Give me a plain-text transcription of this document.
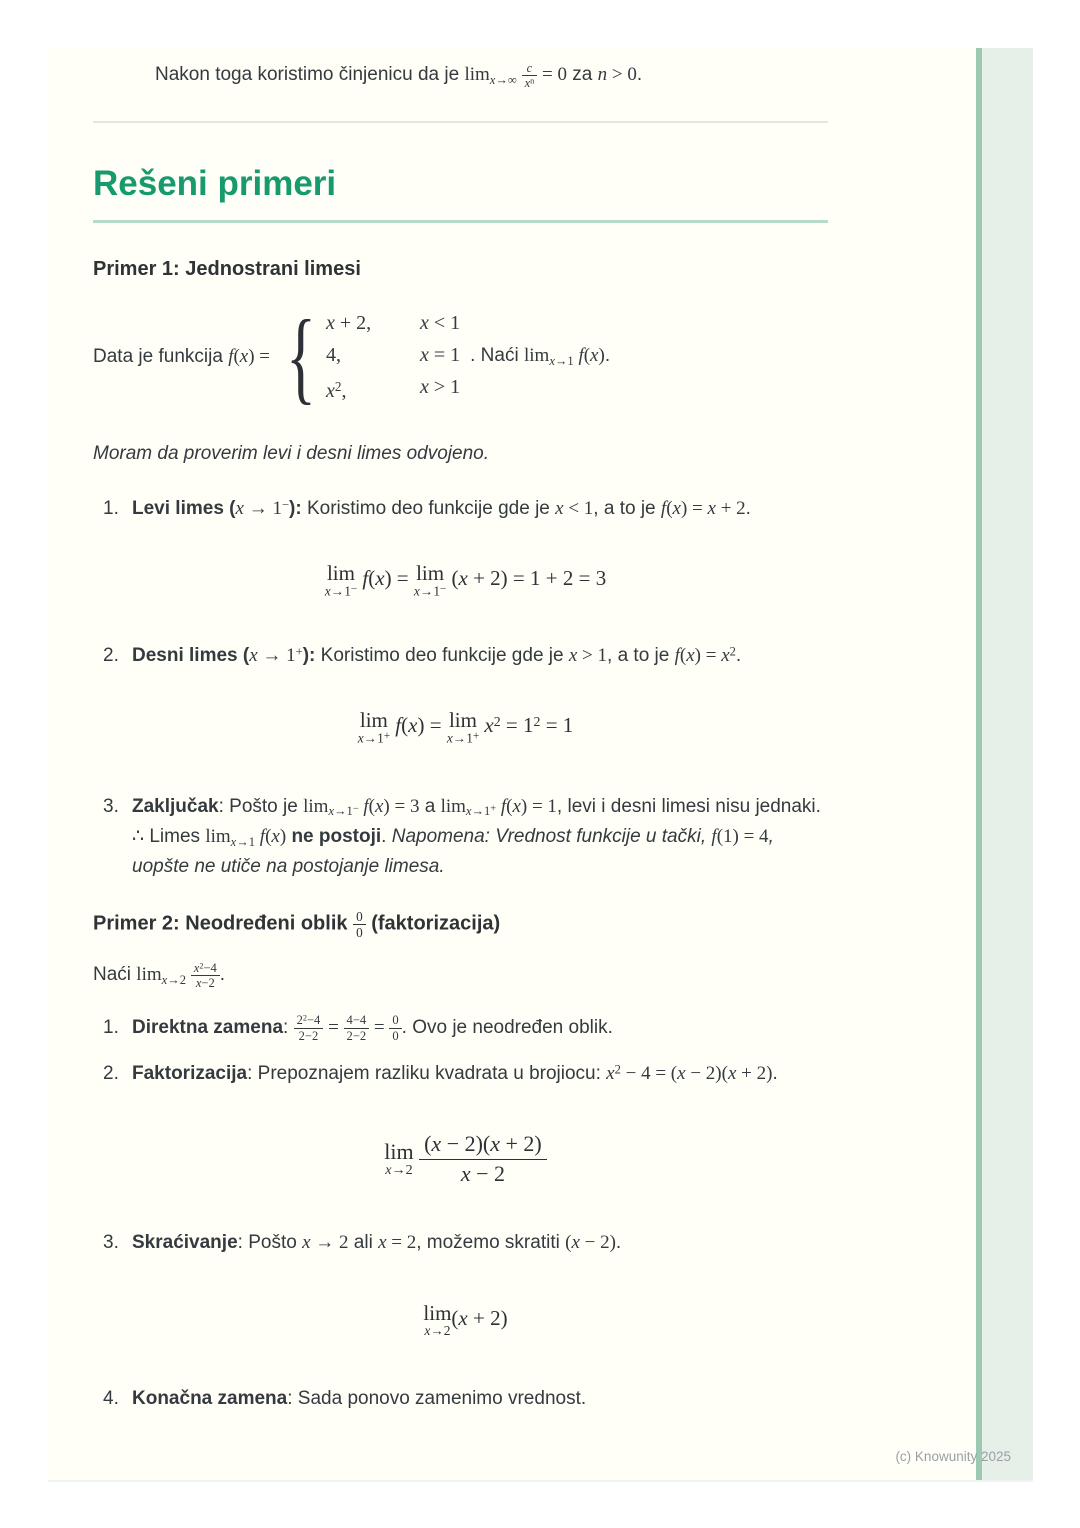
Nakon toga koristimo činjenicu da je $\lim x\to\infty \frac{c}{x^n} = 0$ za n > 0.

Rešeni primeri
Primer 1: Jednostrani limesi
Data je funkcija f(x) = { x + 2,	x < 1
4,	x = 1
$x^2$,	x > 1
. Naći limx→1 f(x).

Moram da proverim levi i desni limes odvojeno.

1. Levi limes (x → 1−): Koristimo deo funkcije gde je x < 1, a to je f(x) = x + 2.
lim
x→1− f(x) = lim
x→1− (x + 2) = 1 + 2 = 3
2. Desni limes (x → 1+): Koristimo deo funkcije gde je x > 1, a to je $f(x) = x^2$.
lim
x→1+ f(x) = lim
x→1+ $x^2 = 1^2 = 1$
3. Zaključak: Pošto je limx→1− f(x) = 3 a limx→1+ f(x) = 1, levi i desni limesi nisu jednaki. ∴ Limes limx→1 f(x) ne postoji. Napomena: Vrednost funkcije u tački, f(1) = 4, uopšte ne utiče na postojanje limesa.
Primer 2: Neodređeni oblik $\frac{0}{0}$ (faktorizacija)

Naći $\lim x\to 2 \frac{x^2-4}{x-2}$ .

1. Direktna zamena: $\frac{2^2-4}{2-2} = \frac{4-4}{2-2} = \frac{0}{0}$ . Ovo je neodređen oblik.
2. Faktorizacija: Prepoznajem razliku kvadrata u brojiocu: $x^2 - 4 = (x - 2)(x + 2)$.
lim
x→2
$\frac{(x - 2)(x + 2)}{x - 2}$
3. Skraćivanje: Pošto x → 2 ali x = 2, možemo skratiti (x − 2).
lim
x→2
(x + 2)
4. Konačna zamena: Sada ponovo zamenimo vrednost.
(c) Knowunity 2025
